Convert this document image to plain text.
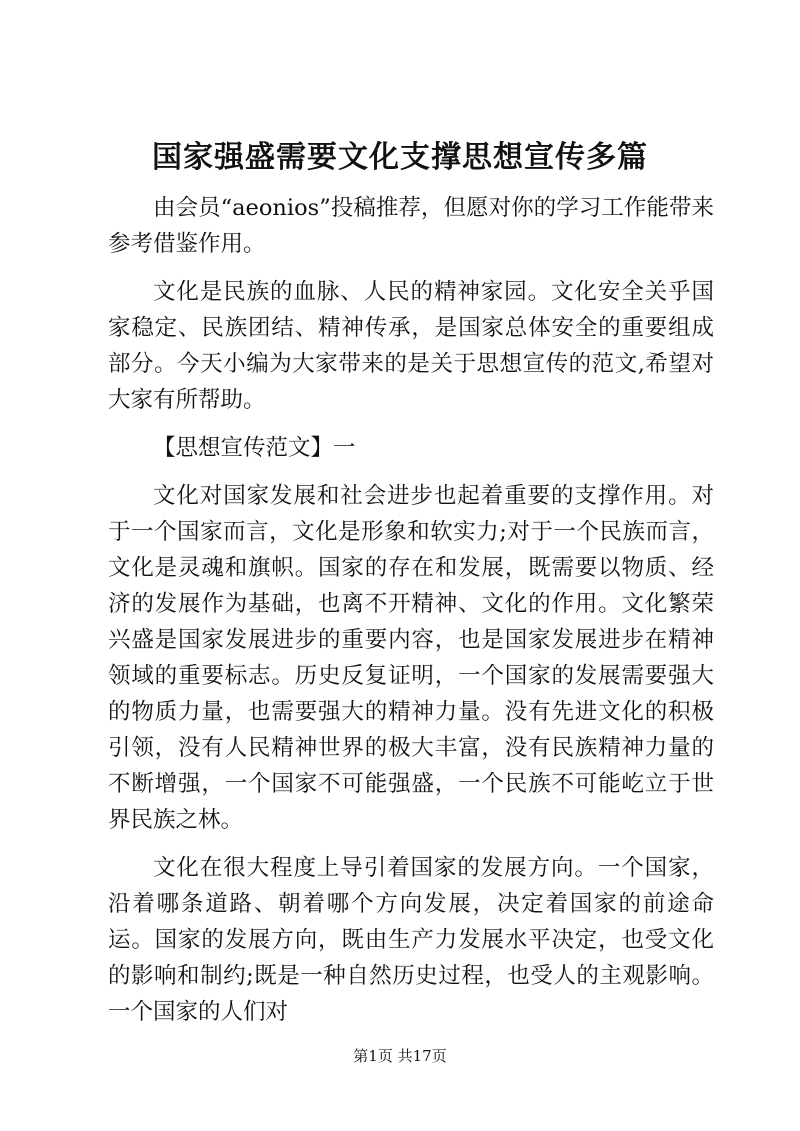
国家强盛需要文化支撑思想宣传多篇

由会员“aeonios”投稿推荐，但愿对你的学习工作能带来参考借鉴作用。

文化是民族的血脉、人民的精神家园。文化安全关乎国家稳定、民族团结、精神传承，是国家总体安全的重要组成部分。今天小编为大家带来的是关于思想宣传的范文,希望对大家有所帮助。

【思想宣传范文】一

文化对国家发展和社会进步也起着重要的支撑作用。对于一个国家而言，文化是形象和软实力;对于一个民族而言，文化是灵魂和旗帜。国家的存在和发展，既需要以物质、经济的发展作为基础，也离不开精神、文化的作用。文化繁荣兴盛是国家发展进步的重要内容，也是国家发展进步在精神领域的重要标志。历史反复证明，一个国家的发展需要强大的物质力量，也需要强大的精神力量。没有先进文化的积极引领，没有人民精神世界的极大丰富，没有民族精神力量的不断增强，一个国家不可能强盛，一个民族不可能屹立于世界民族之林。

文化在很大程度上导引着国家的发展方向。一个国家，沿着哪条道路、朝着哪个方向发展，决定着国家的前途命运。国家的发展方向，既由生产力发展水平决定，也受文化的影响和制约;既是一种自然历史过程，也受人的主观影响。一个国家的人们对

第1页 共17页
